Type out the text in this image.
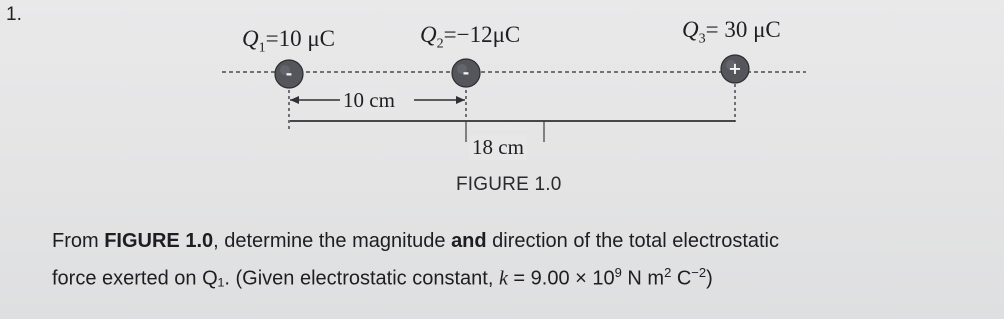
1.
-	-	+
$Q_1=10$ μC	$Q_2=-12\mu C$	$Q_3= 30$ μC
10 cm
18 cm
FIGURE 1.0
From FIGURE 1.0, determine the magnitude and direction of the total electrostatic
force exerted on Q₁. (Given electrostatic constant, $k = 9.00 \times 10^9$ N $m^2$ $C^{-2}$)
